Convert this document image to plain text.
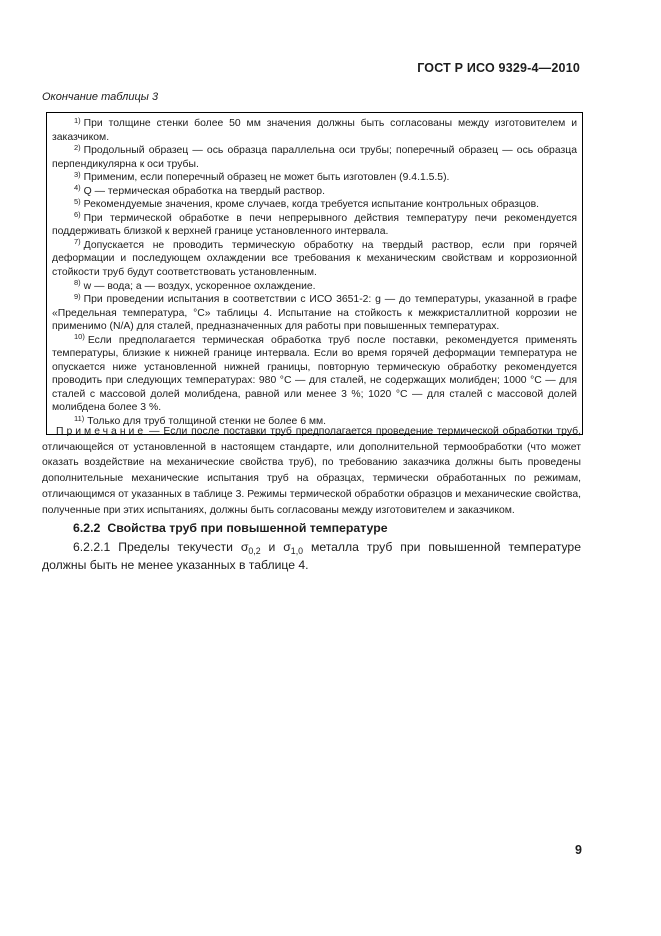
ГОСТ Р ИСО 9329-4—2010
Окончание таблицы 3

$^{1)}$ При толщине стенки более 50 мм значения должны быть согласованы между изготовителем и заказчиком.

$^{2)}$ Продольный образец — ось образца параллельна оси трубы; поперечный образец — ось образца перпендикулярна к оси трубы.

$^{3)}$ Применим, если поперечный образец не может быть изготовлен (9.4.1.5.5).

$^{4)}$ Q — термическая обработка на твердый раствор.

$^{5)}$ Рекомендуемые значения, кроме случаев, когда требуется испытание контрольных образцов.

$^{6)}$ При термической обработке в печи непрерывного действия температуру печи рекомендуется поддерживать близкой к верхней границе установленного интервала.

$^{7)}$ Допускается не проводить термическую обработку на твердый раствор, если при горячей деформации и последующем охлаждении все требования к механическим свойствам и коррозионной стойкости труб будут соответствовать установленным.

$^{8)}$ w — вода; а — воздух, ускоренное охлаждение.

$^{9)}$ При проведении испытания в соответствии с ИСО 3651-2: g — до температуры, указанной в графе «Предельная температура, °С» таблицы 4. Испытание на стойкость к межкристаллитной коррозии не применимо (N/A) для сталей, предназначенных для работы при повышенных температурах.

$^{10)}$ Если предполагается термическая обработка труб после поставки, рекомендуется применять температуры, близкие к нижней границе интервала. Если во время горячей деформации температура не опускается ниже установленной нижней границы, повторную термическую обработку рекомендуется проводить при следующих температурах: 980 °С — для сталей, не содержащих молибден; 1000 °С — для сталей с массовой долей молибдена, равной или менее 3 %; 1020 °С — для сталей с массовой долей молибдена более 3 %.

$^{11)}$ Только для труб толщиной стенки не более 6 мм.

Примечание — Если после поставки труб предполагается проведение термической обработки труб, отличающейся от установленной в настоящем стандарте, или дополнительной термообработки (что может оказать воздействие на механические свойства труб), по требованию заказчика должны быть проведены дополнительные механические испытания труб на образцах, термически обработанных по режимам, отличающимся от указанных в таблице 3. Режимы термической обработки образцов и механические свойства, полученные при этих испытаниях, должны быть согласованы между изготовителем и заказчиком.
6.2.2 Свойства труб при повышенной температуре
6.2.2.1 Пределы текучести $\sigma_{0,2}$ и $\sigma_{1,0}$ металла труб при повышенной температуре должны быть не менее указанных в таблице 4.
9
